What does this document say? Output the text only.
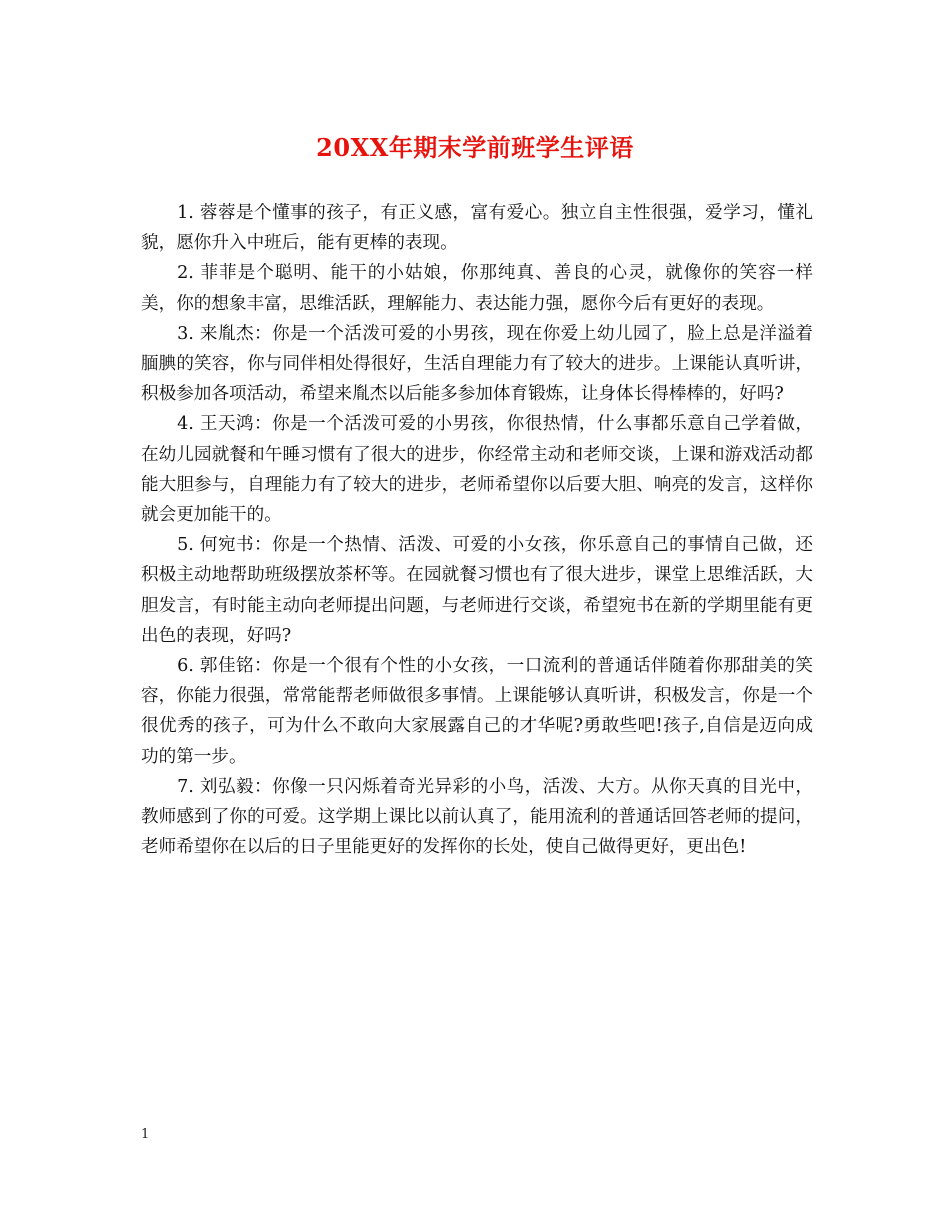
20XX年期末学前班学生评语

1. 蓉蓉是个懂事的孩子，有正义感，富有爱心。独立自主性很强，爱学习，懂礼貌，愿你升入中班后，能有更棒的表现。

2. 菲菲是个聪明、能干的小姑娘，你那纯真、善良的心灵，就像你的笑容一样美，你的想象丰富，思维活跃，理解能力、表达能力强，愿你今后有更好的表现。

3. 来胤杰：你是一个活泼可爱的小男孩，现在你爱上幼儿园了，脸上总是洋溢着腼腆的笑容，你与同伴相处得很好，生活自理能力有了较大的进步。上课能认真听讲，积极参加各项活动，希望来胤杰以后能多参加体育锻炼，让身体长得棒棒的，好吗?

4. 王天鸿：你是一个活泼可爱的小男孩，你很热情，什么事都乐意自己学着做，在幼儿园就餐和午睡习惯有了很大的进步，你经常主动和老师交谈，上课和游戏活动都能大胆参与，自理能力有了较大的进步，老师希望你以后要大胆、响亮的发言，这样你就会更加能干的。

5. 何宛书：你是一个热情、活泼、可爱的小女孩，你乐意自己的事情自己做，还积极主动地帮助班级摆放茶杯等。在园就餐习惯也有了很大进步，课堂上思维活跃，大胆发言，有时能主动向老师提出问题，与老师进行交谈，希望宛书在新的学期里能有更出色的表现，好吗?

6. 郭佳铭：你是一个很有个性的小女孩，一口流利的普通话伴随着你那甜美的笑容，你能力很强，常常能帮老师做很多事情。上课能够认真听讲，积极发言，你是一个很优秀的孩子，可为什么不敢向大家展露自己的才华呢?勇敢些吧!孩子,自信是迈向成功的第一步。

7. 刘弘毅：你像一只闪烁着奇光异彩的小鸟，活泼、大方。从你天真的目光中，教师感到了你的可爱。这学期上课比以前认真了，能用流利的普通话回答老师的提问，老师希望你在以后的日子里能更好的发挥你的长处，使自己做得更好，更出色!

1
